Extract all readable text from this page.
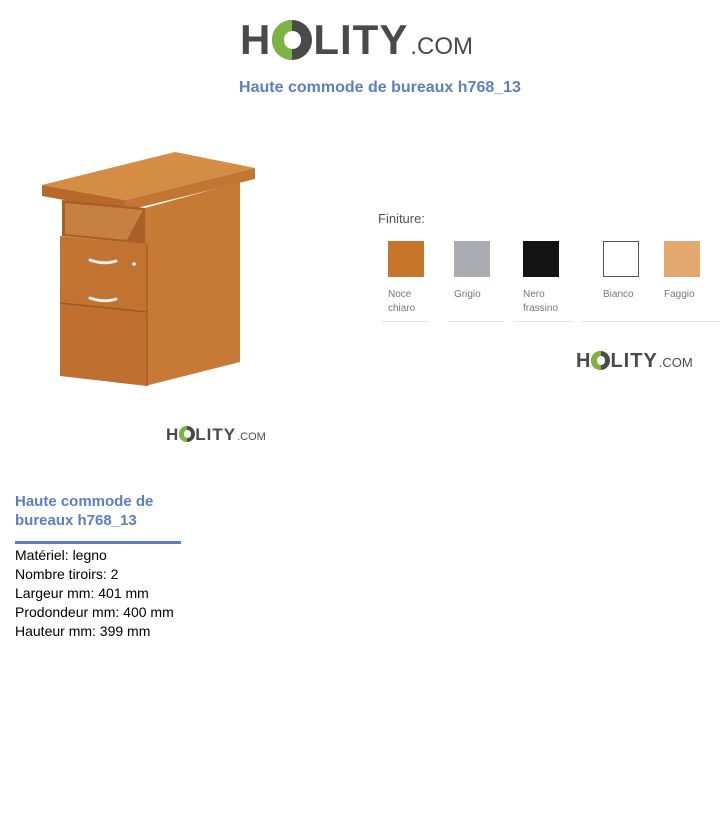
H LITY .COM
Haute commode de bureaux h768_13
H LITY .COM
Finiture:
Noce
chiaro
Grigio	Nero
frassino
Bianco	Faggio

H LITY .COM
Haute commode de bureaux h768_13
Matériel: legno
Nombre tiroirs: 2
Largeur mm: 401 mm
Prodondeur mm: 400 mm
Hauteur mm: 399 mm
